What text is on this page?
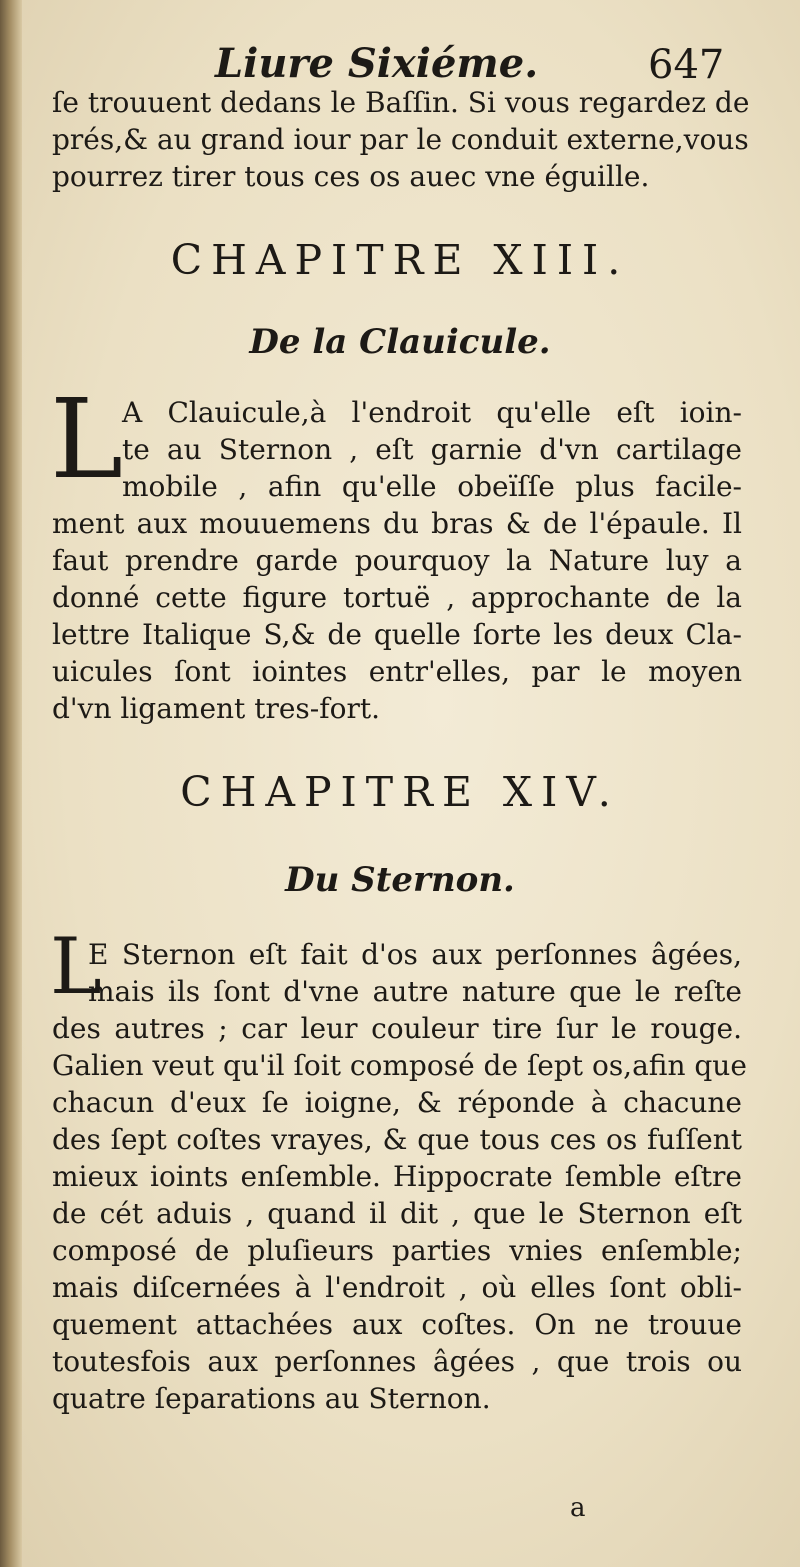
Liure Sixiéme.	647
ſe trouuent dedans le Baſſin. Si vous regardez de
prés,& au grand iour par le conduit externe,vous
pourrez tirer tous ces os auec vne éguille.
CHAPITRE XIII.
De la Clauicule.
L
A Clauicule,à l'endroit qu'elle eſt ioin-
te au Sternon , eſt garnie d'vn cartilage
mobile , afin qu'elle obeïſſe plus facile-
ment aux mouuemens du bras & de l'épaule. Il
faut prendre garde pourquoy la Nature luy a
donné cette figure tortuë , approchante de la
lettre Italique S,& de quelle ſorte les deux Cla-
uicules ſont iointes entr'elles, par le moyen
d'vn ligament tres-fort.
CHAPITRE XIV.
Du Sternon.
L
E Sternon eſt fait d'os aux perſonnes âgées,
mais ils ſont d'vne autre nature que le reſte
des autres ; car leur couleur tire ſur le rouge.
Galien veut qu'il ſoit composé de ſept os,afin que
chacun d'eux ſe ioigne, & réponde à chacune
des ſept coſtes vrayes, & que tous ces os fuſſent
mieux ioints enſemble. Hippocrate ſemble eſtre
de cét aduis , quand il dit , que le Sternon eſt
composé de pluſieurs parties vnies enſemble;
mais diſcernées à l'endroit , où elles ſont obli-
quement attachées aux coſtes. On ne trouue
toutesfois aux perſonnes âgées , que trois ou
quatre ſeparations au Sternon.
a
